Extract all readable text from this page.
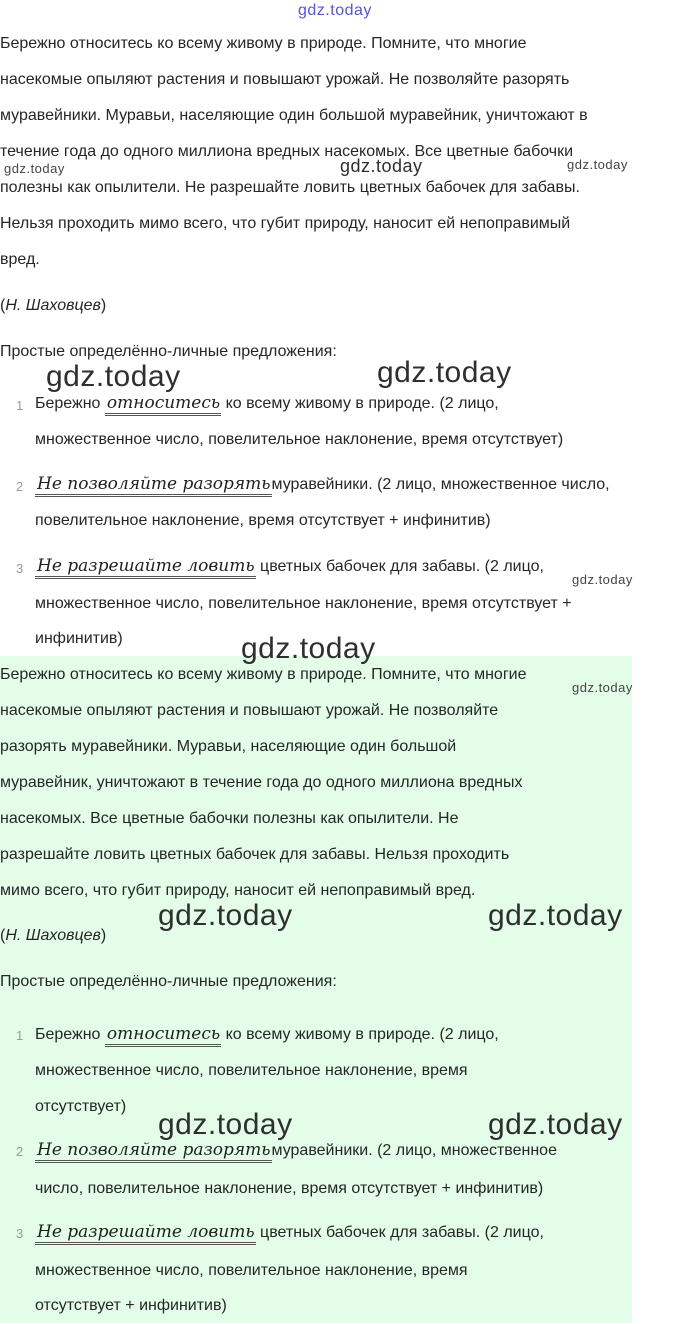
Бережно относитесь ко всему живому в природе. Помните, что многие
насекомые опыляют растения и повышают урожай. Не позволяйте разорять
муравейники. Муравьи, населяющие один большой муравейник, уничтожают в
течение года до одного миллиона вредных насекомых. Все цветные бабочки
полезны как опылители. Не разрешайте ловить цветных бабочек для забавы.
Нельзя проходить мимо всего, что губит природу, наносит ей непоправимый
вред.
(Н. Шаховцев)
Простые определённо-личные предложения:
1 Бережно относитесь ко всему живому в природе. (2 лицо,
множественное число, повелительное наклонение, время отсутствует)
2 Не позволяйте разорятьмуравейники. (2 лицо, множественное число,
повелительное наклонение, время отсутствует + инфинитив)
3 Не разрешайте ловить цветных бабочек для забавы. (2 лицо,
множественное число, повелительное наклонение, время отсутствует +
инфинитив)
Бережно относитесь ко всему живому в природе. Помните, что многие
насекомые опыляют растения и повышают урожай. Не позволяйте
разорять муравейники. Муравьи, населяющие один большой
муравейник, уничтожают в течение года до одного миллиона вредных
насекомых. Все цветные бабочки полезны как опылители. Не
разрешайте ловить цветных бабочек для забавы. Нельзя проходить
мимо всего, что губит природу, наносит ей непоправимый вред.
(Н. Шаховцев)
Простые определённо-личные предложения:
1 Бережно относитесь ко всему живому в природе. (2 лицо,
множественное число, повелительное наклонение, время
отсутствует)
2 Не позволяйте разорятьмуравейники. (2 лицо, множественное
число, повелительное наклонение, время отсутствует + инфинитив)
3 Не разрешайте ловить цветных бабочек для забавы. (2 лицо,
множественное число, повелительное наклонение, время
отсутствует + инфинитив)
gdz.today
gdz.today	gdz.today	gdz.today
gdz.today	gdz.today
gdz.today
gdz.today
gdz.today
gdz.today	gdz.today
gdz.today	gdz.today
